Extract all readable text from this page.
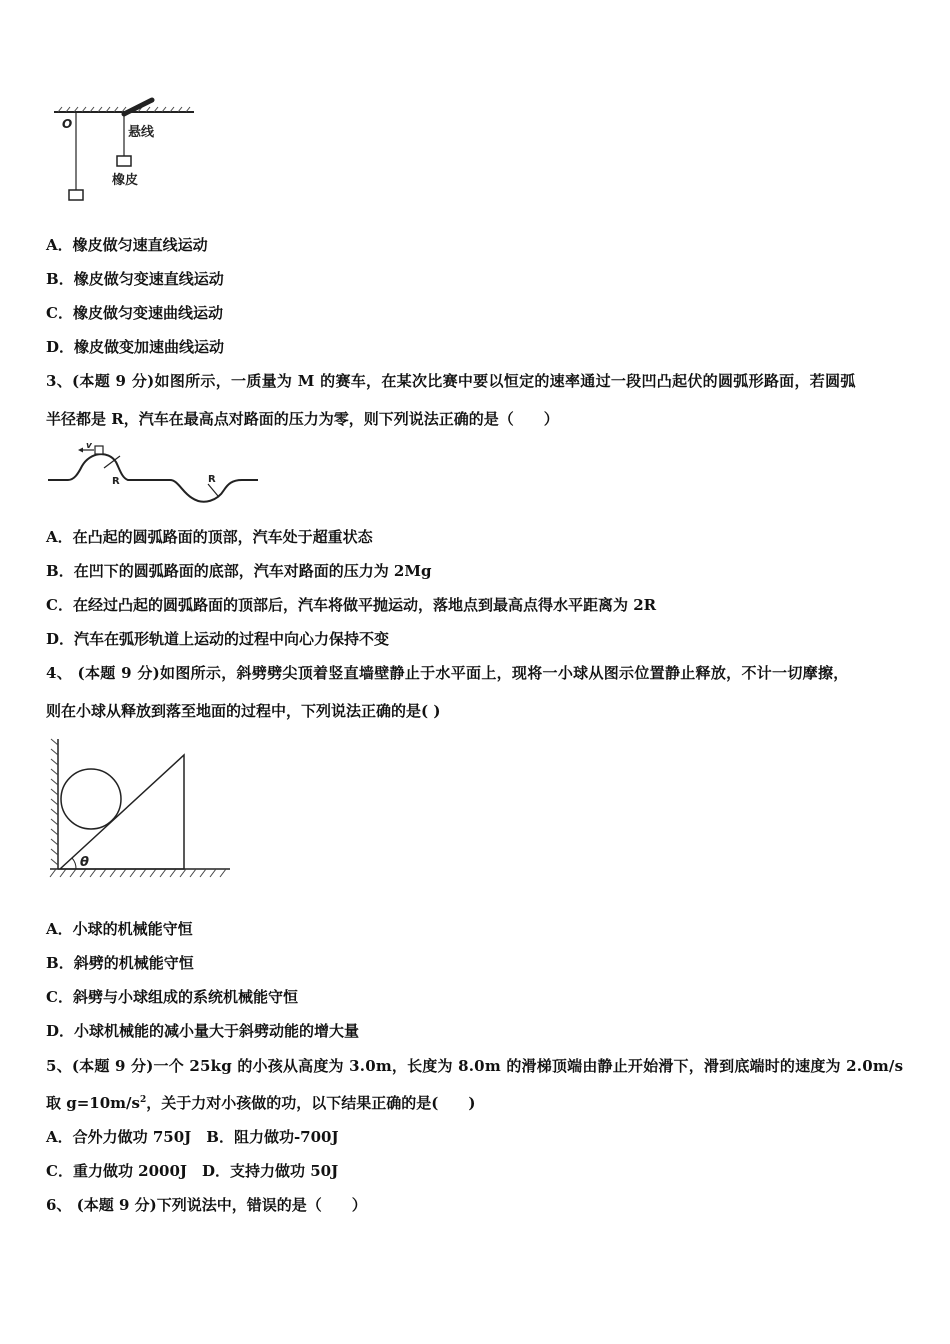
O
悬线
橡皮
A．橡皮做匀速直线运动
B．橡皮做匀变速直线运动
C．橡皮做匀变速曲线运动
D．橡皮做变加速曲线运动
3、(本题 9 分)如图所示，一质量为 M 的赛车，在某次比赛中要以恒定的速率通过一段凹凸起伏的圆弧形路面，若圆弧
半径都是 R，汽车在最高点对路面的压力为零，则下列说法正确的是（　　）
v
R	R
A．在凸起的圆弧路面的顶部，汽车处于超重状态
B．在凹下的圆弧路面的底部，汽车对路面的压力为 2Mg
C．在经过凸起的圆弧路面的顶部后，汽车将做平抛运动，落地点到最高点得水平距离为 2R
D．汽车在弧形轨道上运动的过程中向心力保持不变
4、 (本题 9 分)如图所示，斜劈劈尖顶着竖直墙壁静止于水平面上，现将一小球从图示位置静止释放，不计一切摩擦，
则在小球从释放到落至地面的过程中，下列说法正确的是( )
θ
A．小球的机械能守恒
B．斜劈的机械能守恒
C．斜劈与小球组成的系统机械能守恒
D．小球机械能的减小量大于斜劈动能的增大量
5、(本题 9 分)一个 25kg 的小孩从高度为 3.0m，长度为 8.0m 的滑梯顶端由静止开始滑下，滑到底端时的速度为 2.0m/s
取 $g=10m/s^2$，关于力对小孩做的功，以下结果正确的是(　　)
A．合外力做功 750J　B．阻力做功-700J
C．重力做功 2000J　D．支持力做功 50J
6、 (本题 9 分)下列说法中，错误的是（　　）
